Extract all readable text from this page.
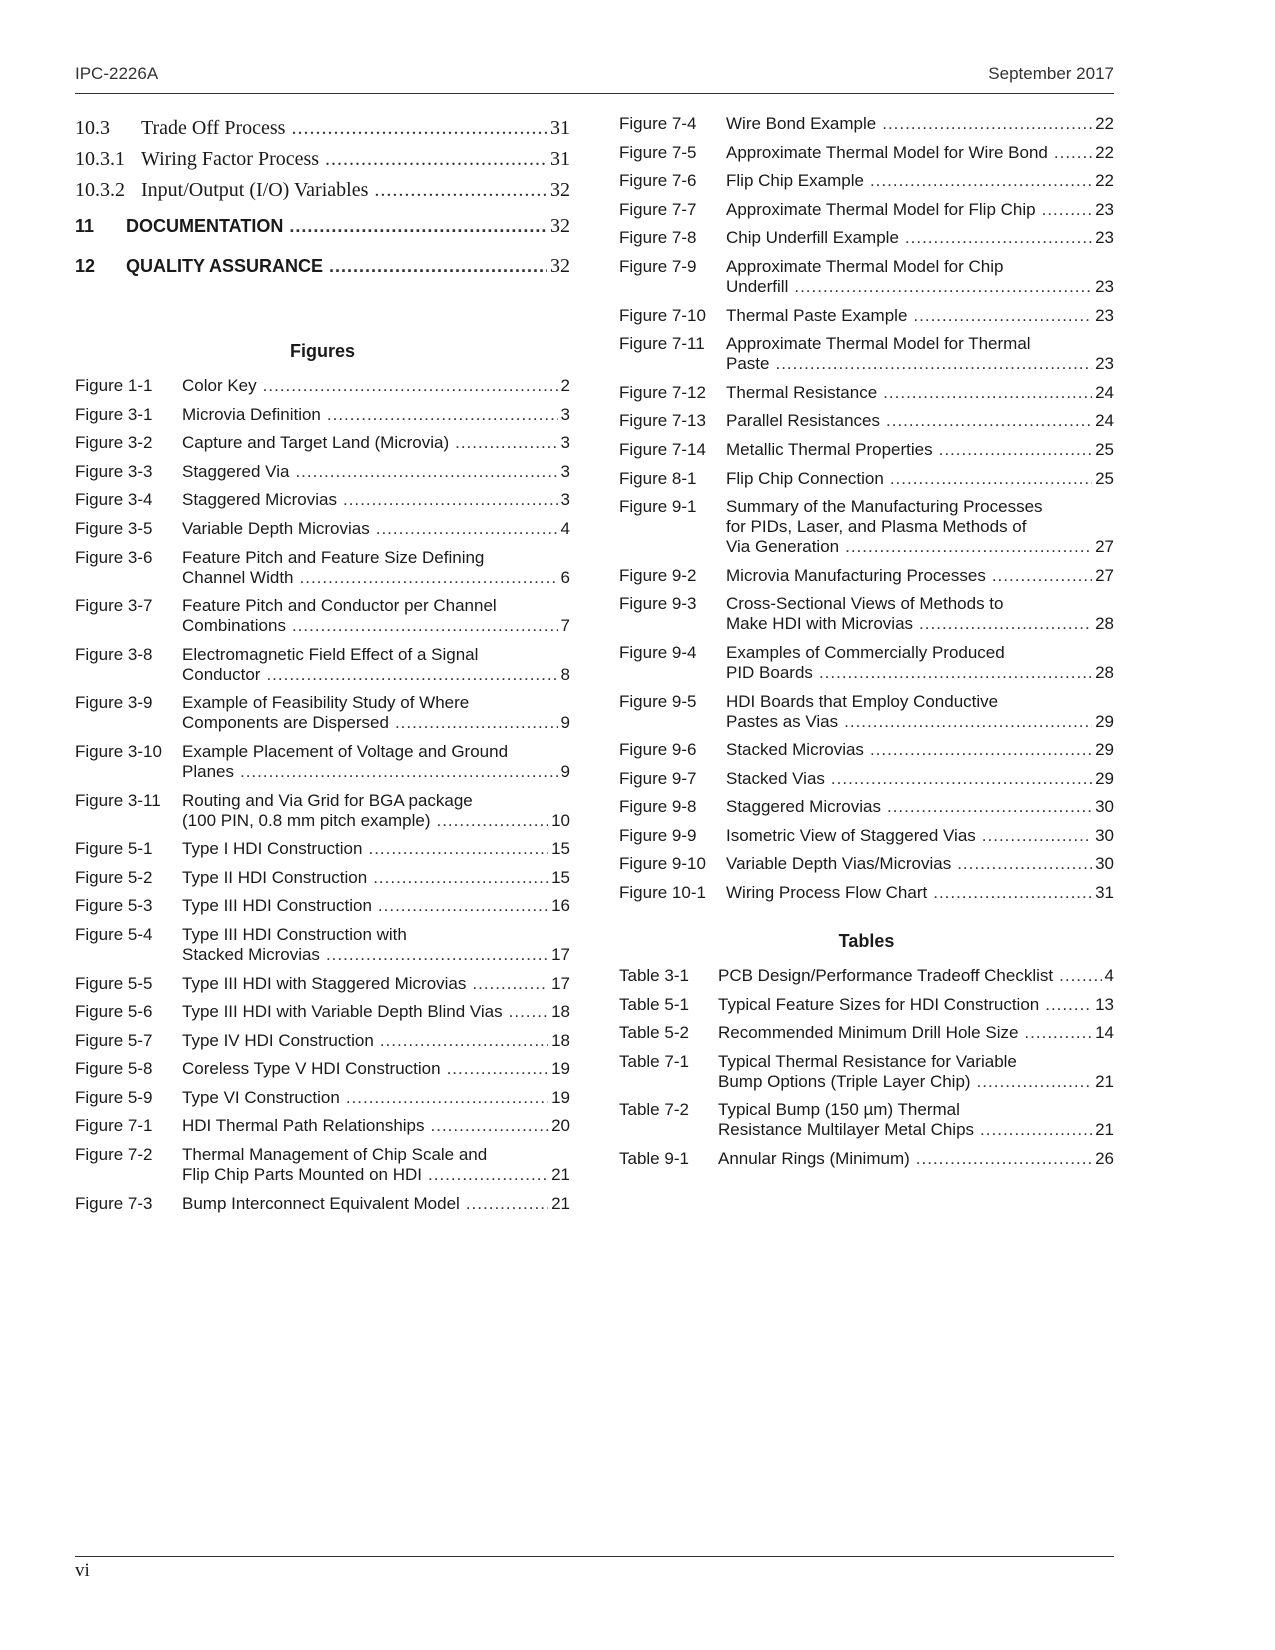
IPC-2226A	September 2017
10.3	Trade Off Process .....	31
10.3.1 Wiring Factor Process .....	31
10.3.2 Input/Output (I/O) Variables .....	32
11	DOCUMENTATION .....	32
12	QUALITY ASSURANCE .....	32
Figures
Figure 1-1	Color Key .....	2
Figure 3-1	Microvia Definition .....	3
Figure 3-2	Capture and Target Land (Microvia) .....	3
Figure 3-3	Staggered Via .....	3
Figure 3-4	Staggered Microvias .....	3
Figure 3-5	Variable Depth Microvias .....	4
Figure 3-6	Feature Pitch and Feature Size Defining
Channel Width .....	6
Figure 3-7	Feature Pitch and Conductor per Channel
Combinations .....	7
Figure 3-8	Electromagnetic Field Effect of a Signal
Conductor .....	8
Figure 3-9	Example of Feasibility Study of Where
Components are Dispersed .....	9
Figure 3-10	Example Placement of Voltage and Ground
Planes .....	9
Figure 3-11	Routing and Via Grid for BGA package
(100 PIN, 0.8 mm pitch example) .....	10
Figure 5-1	Type I HDI Construction .....	15
Figure 5-2	Type II HDI Construction .....	15
Figure 5-3	Type III HDI Construction .....	16
Figure 5-4	Type III HDI Construction with
Stacked Microvias .....	17
Figure 5-5	Type III HDI with Staggered Microvias .....	17
Figure 5-6	Type III HDI with Variable Depth Blind Vias .....	18
Figure 5-7	Type IV HDI Construction .....	18
Figure 5-8	Coreless Type V HDI Construction .....	19
Figure 5-9	Type VI Construction .....	19
Figure 7-1	HDI Thermal Path Relationships .....	20
Figure 7-2	Thermal Management of Chip Scale and
Flip Chip Parts Mounted on HDI .....	21
Figure 7-3	Bump Interconnect Equivalent Model .....	21
Figure 7-4	Wire Bond Example .....	22
Figure 7-5	Approximate Thermal Model for Wire Bond .....	22
Figure 7-6	Flip Chip Example .....	22
Figure 7-7	Approximate Thermal Model for Flip Chip .....	23
Figure 7-8	Chip Underfill Example .....	23
Figure 7-9	Approximate Thermal Model for Chip
Underfill .....	23
Figure 7-10	Thermal Paste Example .....	23
Figure 7-11	Approximate Thermal Model for Thermal
Paste .....	23
Figure 7-12	Thermal Resistance .....	24
Figure 7-13	Parallel Resistances .....	24
Figure 7-14	Metallic Thermal Properties .....	25
Figure 8-1	Flip Chip Connection .....	25
Figure 9-1	Summary of the Manufacturing Processes
for PIDs, Laser, and Plasma Methods of
Via Generation .....	27
Figure 9-2	Microvia Manufacturing Processes .....	27
Figure 9-3	Cross-Sectional Views of Methods to
Make HDI with Microvias .....	28
Figure 9-4	Examples of Commercially Produced
PID Boards .....	28
Figure 9-5	HDI Boards that Employ Conductive
Pastes as Vias .....	29
Figure 9-6	Stacked Microvias .....	29
Figure 9-7	Stacked Vias .....	29
Figure 9-8	Staggered Microvias .....	30
Figure 9-9	Isometric View of Staggered Vias .....	30
Figure 9-10	Variable Depth Vias/Microvias .....	30
Figure 10-1	Wiring Process Flow Chart .....	31
Tables
Table 3-1	PCB Design/Performance Tradeoff Checklist .....	4
Table 5-1	Typical Feature Sizes for HDI Construction .....	13
Table 5-2	Recommended Minimum Drill Hole Size .....	14
Table 7-1	Typical Thermal Resistance for Variable
Bump Options (Triple Layer Chip) .....	21
Table 7-2	Typical Bump (150 µm) Thermal
Resistance Multilayer Metal Chips .....	21
Table 9-1	Annular Rings (Minimum) .....	26
vi
